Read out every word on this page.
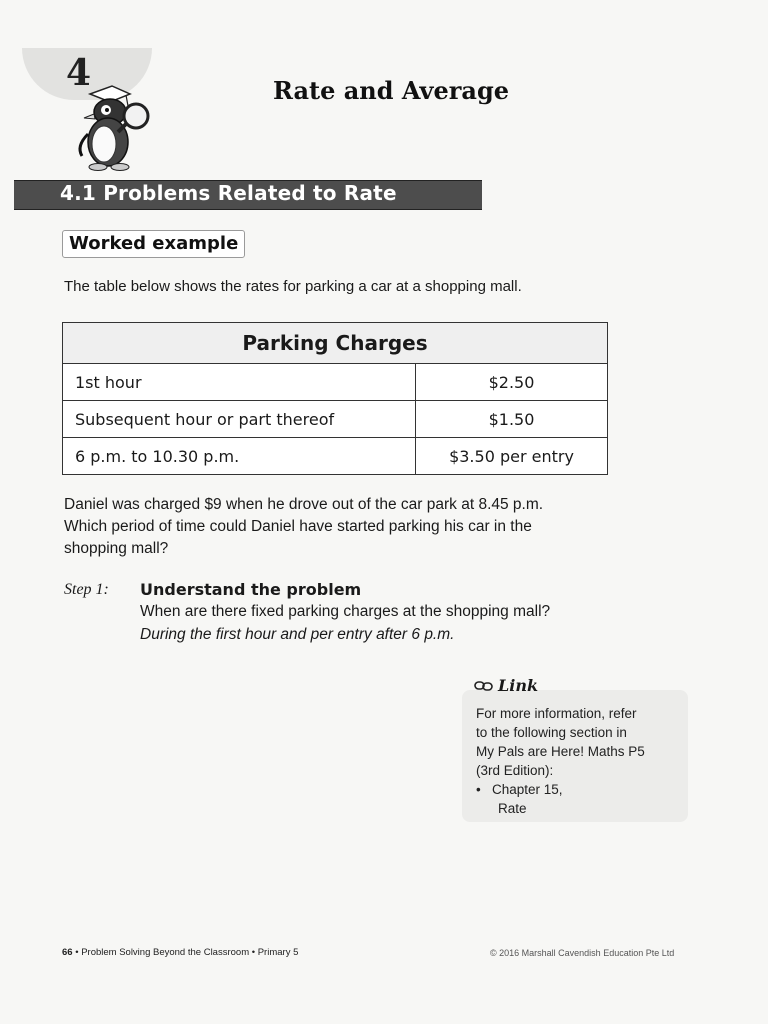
4	Rate and Average
4.1 Problems Related to Rate
Worked example
The table below shows the rates for parking a car at a shopping mall.
Parking Charges	
1st hour	$2.50
Subsequent hour or part thereof	$1.50
6 p.m. to 10.30 p.m.	$3.50 per entry
Daniel was charged $9 when he drove out of the car park at 8.45 p.m.
Which period of time could Daniel have started parking his car in the
shopping mall?
Step 1: Understand the problem
When are there fixed parking charges at the shopping mall?
During the first hour and per entry after 6 p.m.
Link
For more information, refer
to the following section in
My Pals are Here! Maths P5
(3rd Edition):
•   Chapter 15,
Rate
66 • Problem Solving Beyond the Classroom • Primary 5	© 2016 Marshall Cavendish Education Pte Ltd
